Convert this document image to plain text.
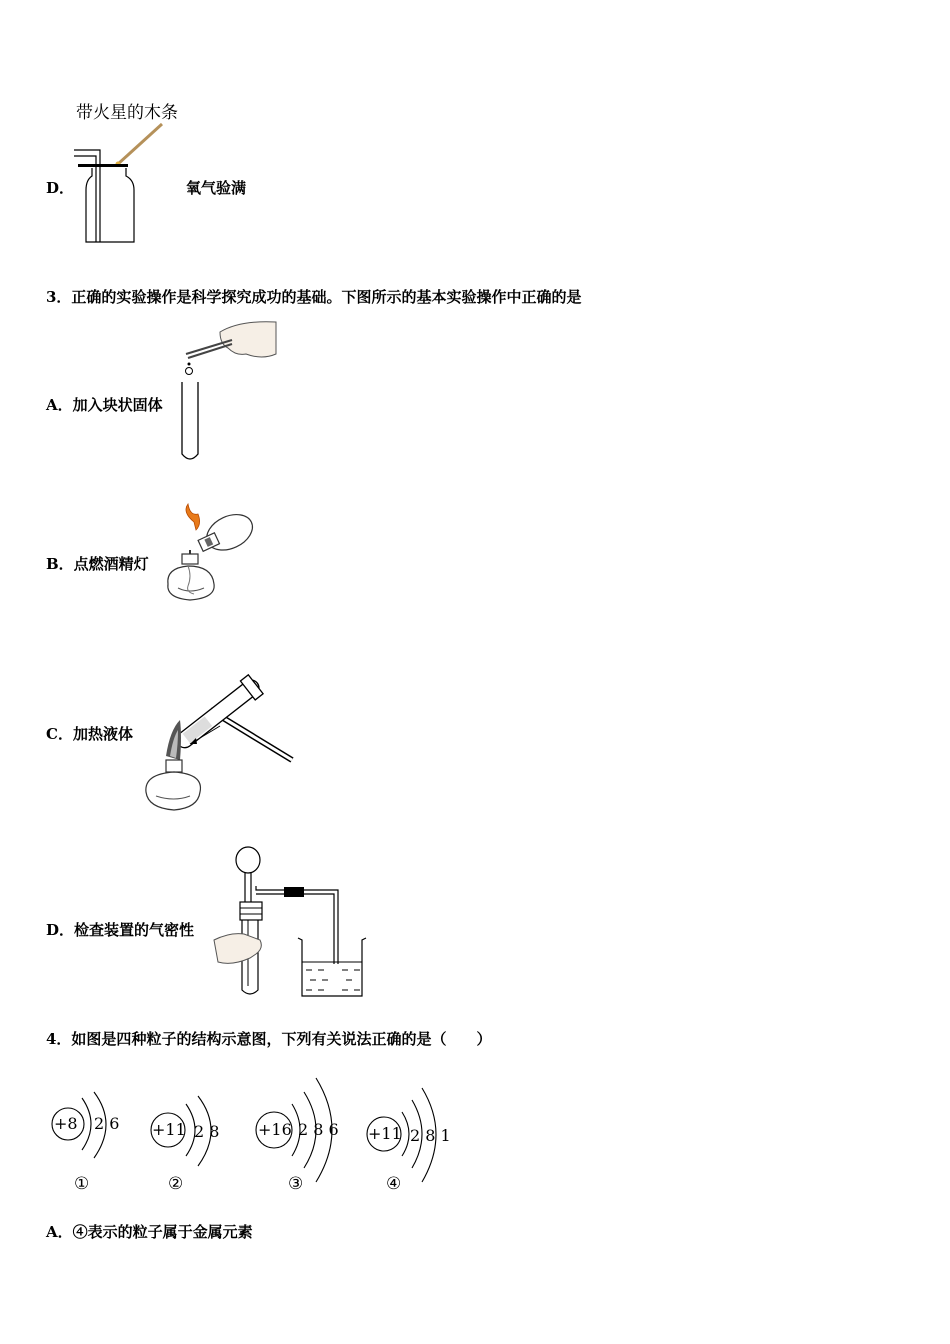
带火星的木条
D．	氧气验满
3．正确的实验操作是科学探究成功的基础。下图所示的基本实验操作中正确的是
A．加入块状固体
B．点燃酒精灯
C．加热液体
D．检查装置的气密性
4．如图是四种粒子的结构示意图，下列有关说法正确的是（　　）
+8 2 6
①
+11 2 8
②
+16 2 8 6
③
+11 2 8 1
④
A．④表示的粒子属于金属元素
